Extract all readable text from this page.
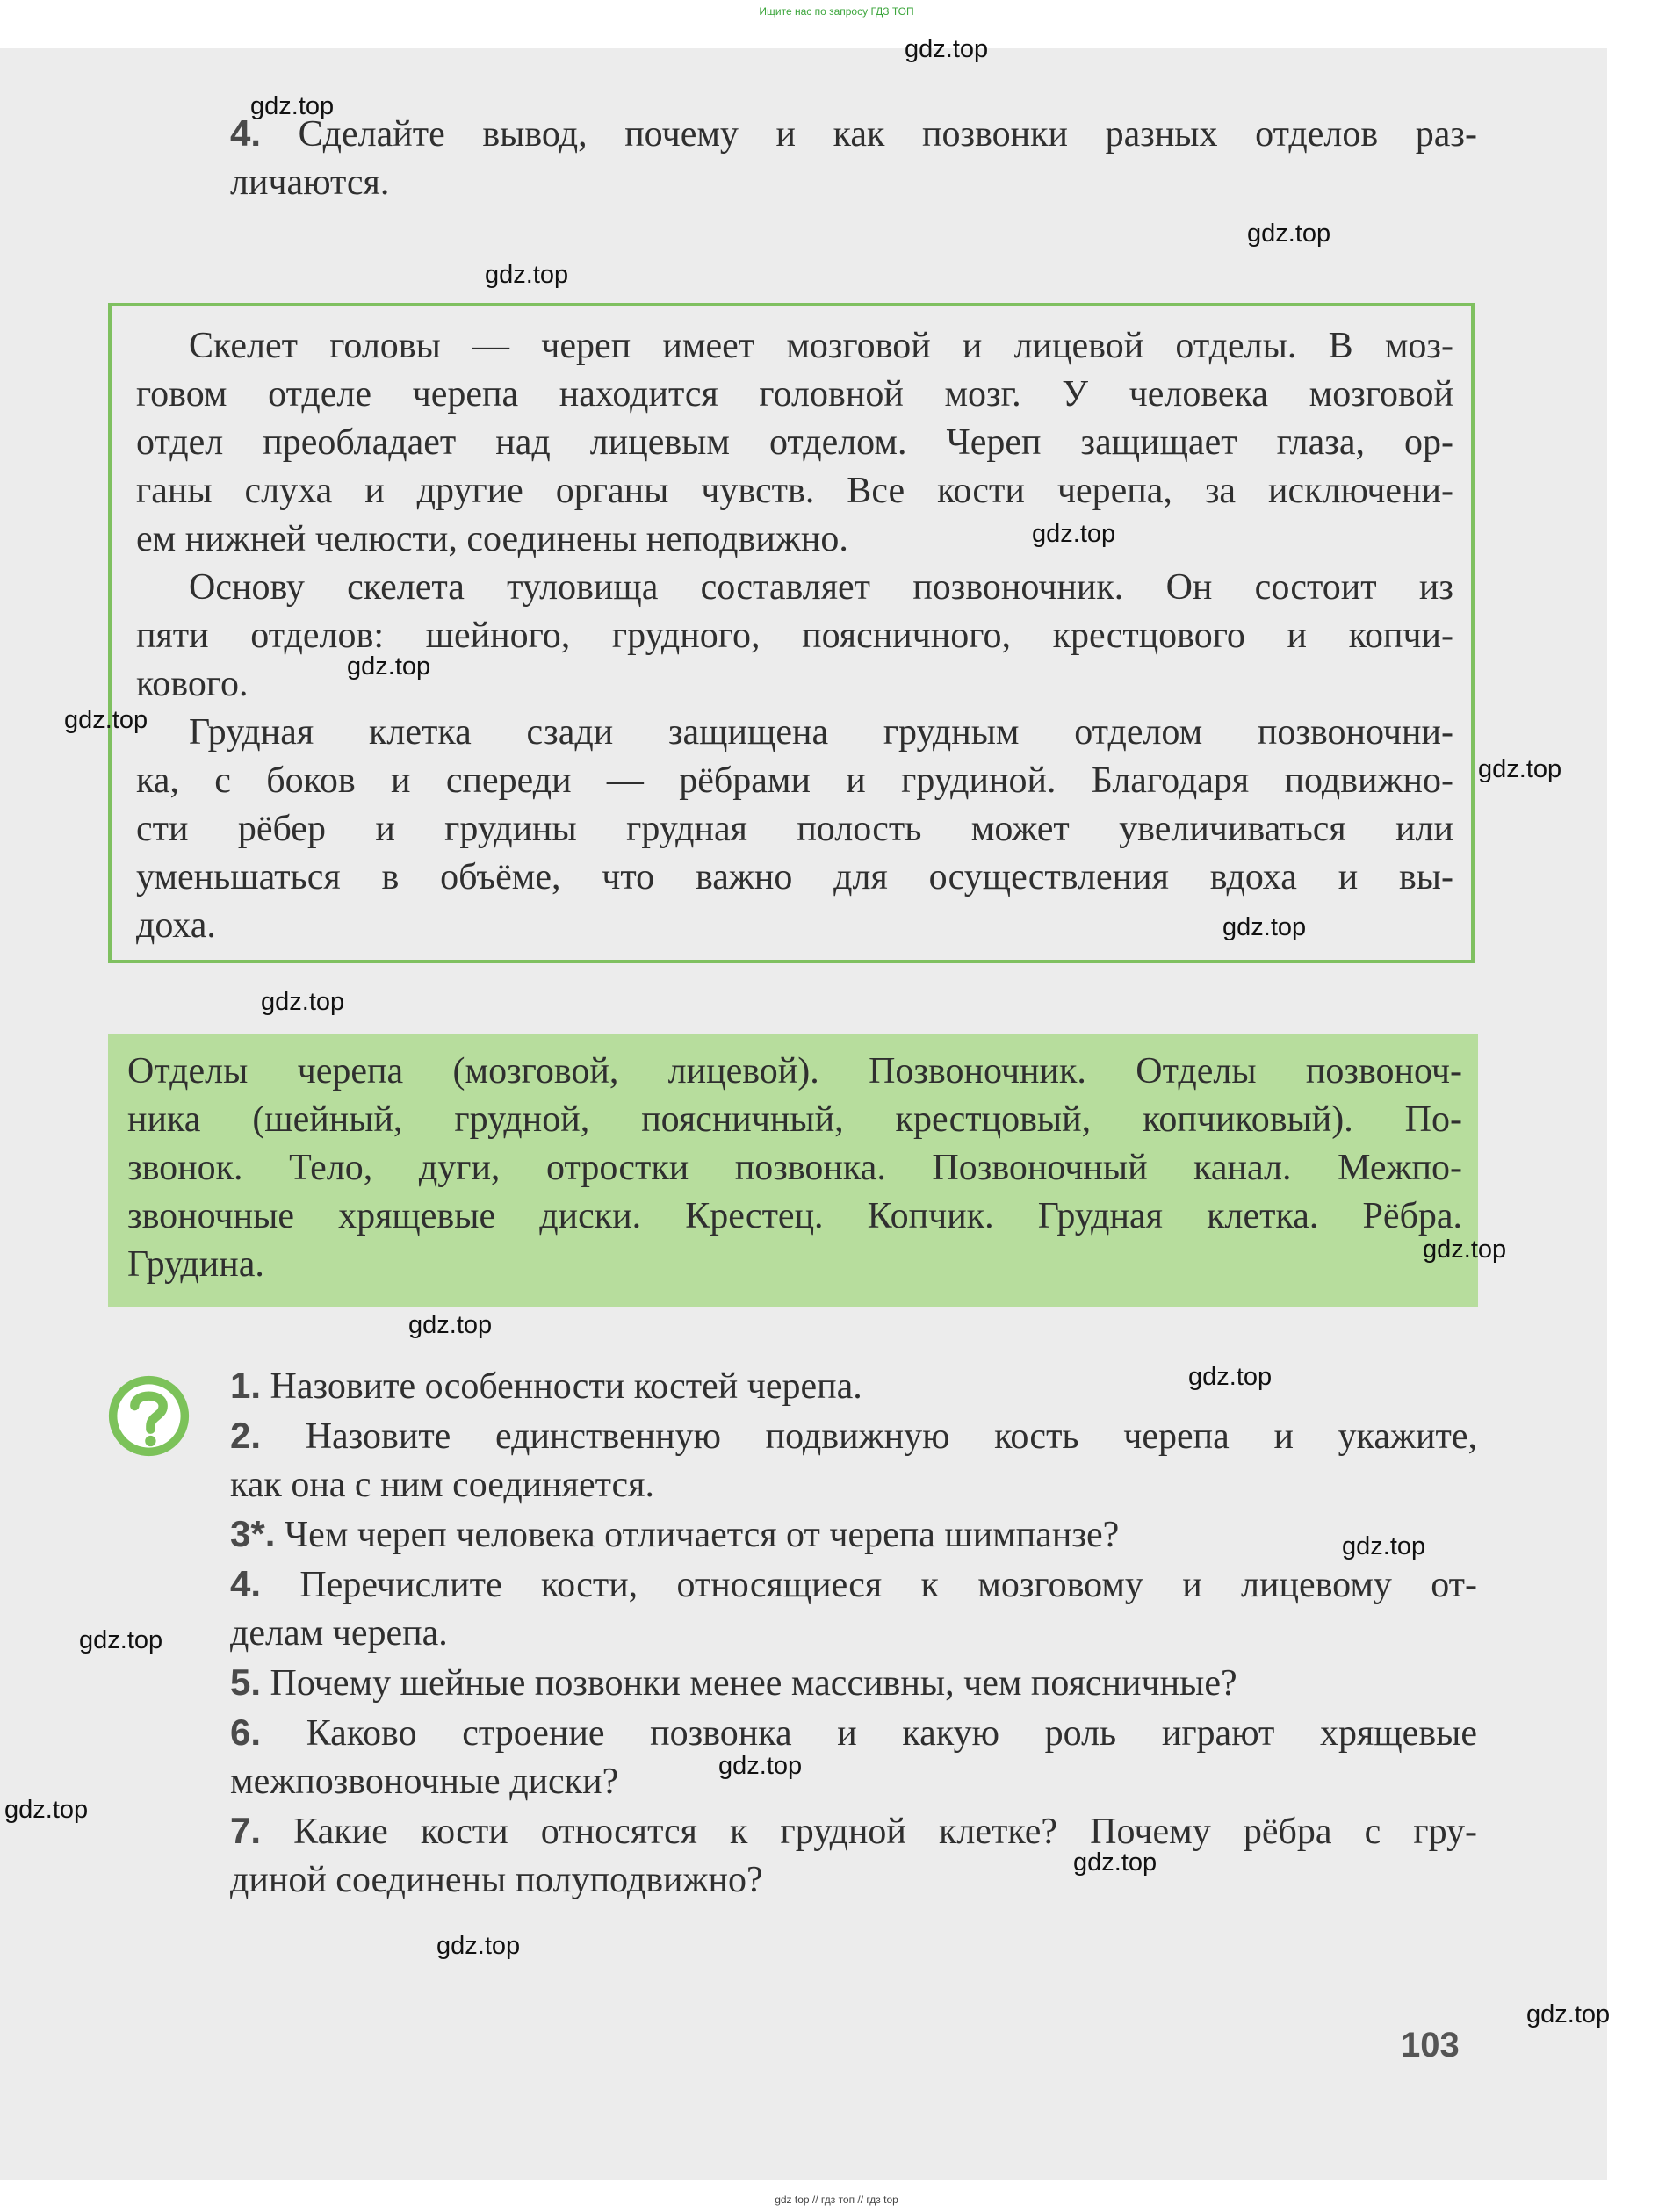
Ищите нас по запросу ГДЗ ТОП
4. Сделайте вывод, почему и как позвонки разных отделов раз-
личаются.
Скелет головы — череп имеет мозговой и лицевой отделы. В моз-
говом отделе черепа находится головной мозг. У человека мозговой
отдел преобладает над лицевым отделом. Череп защищает глаза, ор-
ганы слуха и другие органы чувств. Все кости черепа, за исключени-
ем нижней челюсти, соединены неподвижно.
Основу скелета туловища составляет позвоночник. Он состоит из
пяти отделов: шейного, грудного, поясничного, крестцового и копчи-
кового.
Грудная клетка сзади защищена грудным отделом позвоночни-
ка, с боков и спереди — рёбрами и грудиной. Благодаря подвижно-
сти рёбер и грудины грудная полость может увеличиваться или
уменьшаться в объёме, что важно для осуществления вдоха и вы-
доха.
Отделы черепа (мозговой, лицевой). Позвоночник. Отделы позвоноч-
ника (шейный, грудной, поясничный, крестцовый, копчиковый). По-
звонок. Тело, дуги, отростки позвонка. Позвоночный канал. Межпо-
звоночные хрящевые диски. Крестец. Копчик. Грудная клетка. Рёбра.
Грудина.
1. Назовите особенности костей черепа.
2. Назовите единственную подвижную кость черепа и укажите,
как она с ним соединяется.
3*. Чем череп человека отличается от черепа шимпанзе?
4. Перечислите кости, относящиеся к мозговому и лицевому от-
делам черепа.
5. Почему шейные позвонки менее массивны, чем поясничные?
6. Каково строение позвонка и какую роль играют хрящевые
межпозвоночные диски?
7. Какие кости относятся к грудной клетке? Почему рёбра с гру-
диной соединены полуподвижно?
103
gdz.top
gdz.top
gdz.top
gdz.top
gdz.top
gdz.top
gdz.top
gdz.top
gdz.top
gdz.top
gdz.top
gdz.top
gdz.top
gdz.top
gdz.top
gdz.top
gdz.top
gdz.top
gdz.top
gdz.top
gdz top // гдз топ // гдз top
